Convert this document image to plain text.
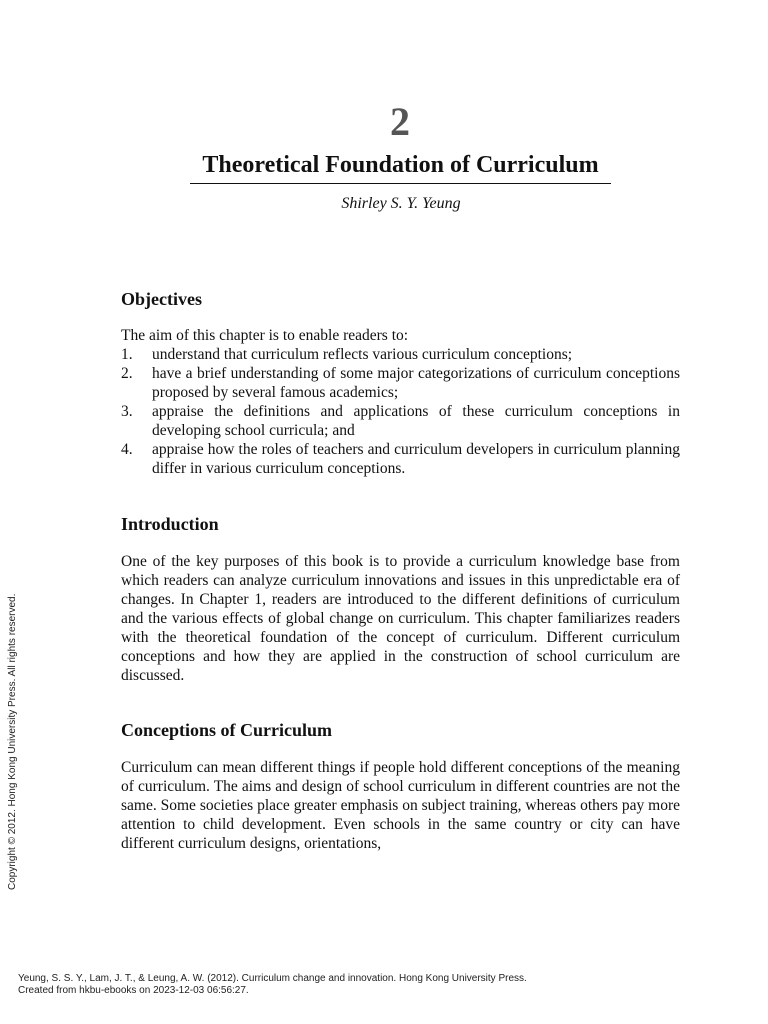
2
Theoretical Foundation of Curriculum
Shirley S. Y. Yeung
Objectives
The aim of this chapter is to enable readers to:
1. understand that curriculum reflects various curriculum conceptions;
2. have a brief understanding of some major categorizations of curriculum conceptions proposed by several famous academics;
3. appraise the definitions and applications of these curriculum conceptions in developing school curricula; and
4. appraise how the roles of teachers and curriculum developers in curriculum planning differ in various curriculum conceptions.
Introduction

One of the key purposes of this book is to provide a curriculum knowledge base from which readers can analyze curriculum innovations and issues in this unpredictable era of changes. In Chapter 1, readers are introduced to the different definitions of curriculum and the various effects of global change on curriculum. This chapter familiarizes readers with the theoretical foundation of the concept of curriculum. Different curriculum conceptions and how they are applied in the construction of school curriculum are discussed.

Conceptions of Curriculum

Curriculum can mean different things if people hold different conceptions of the meaning of curriculum. The aims and design of school curriculum in different countries are not the same. Some societies place greater emphasis on subject training, whereas others pay more attention to child development. Even schools in the same country or city can have different curriculum designs, orientations,

Copyright © 2012. Hong Kong University Press. All rights reserved.
Yeung, S. S. Y., Lam, J. T., & Leung, A. W. (2012). Curriculum change and innovation. Hong Kong University Press.
Created from hkbu-ebooks on 2023-12-03 06:56:27.
